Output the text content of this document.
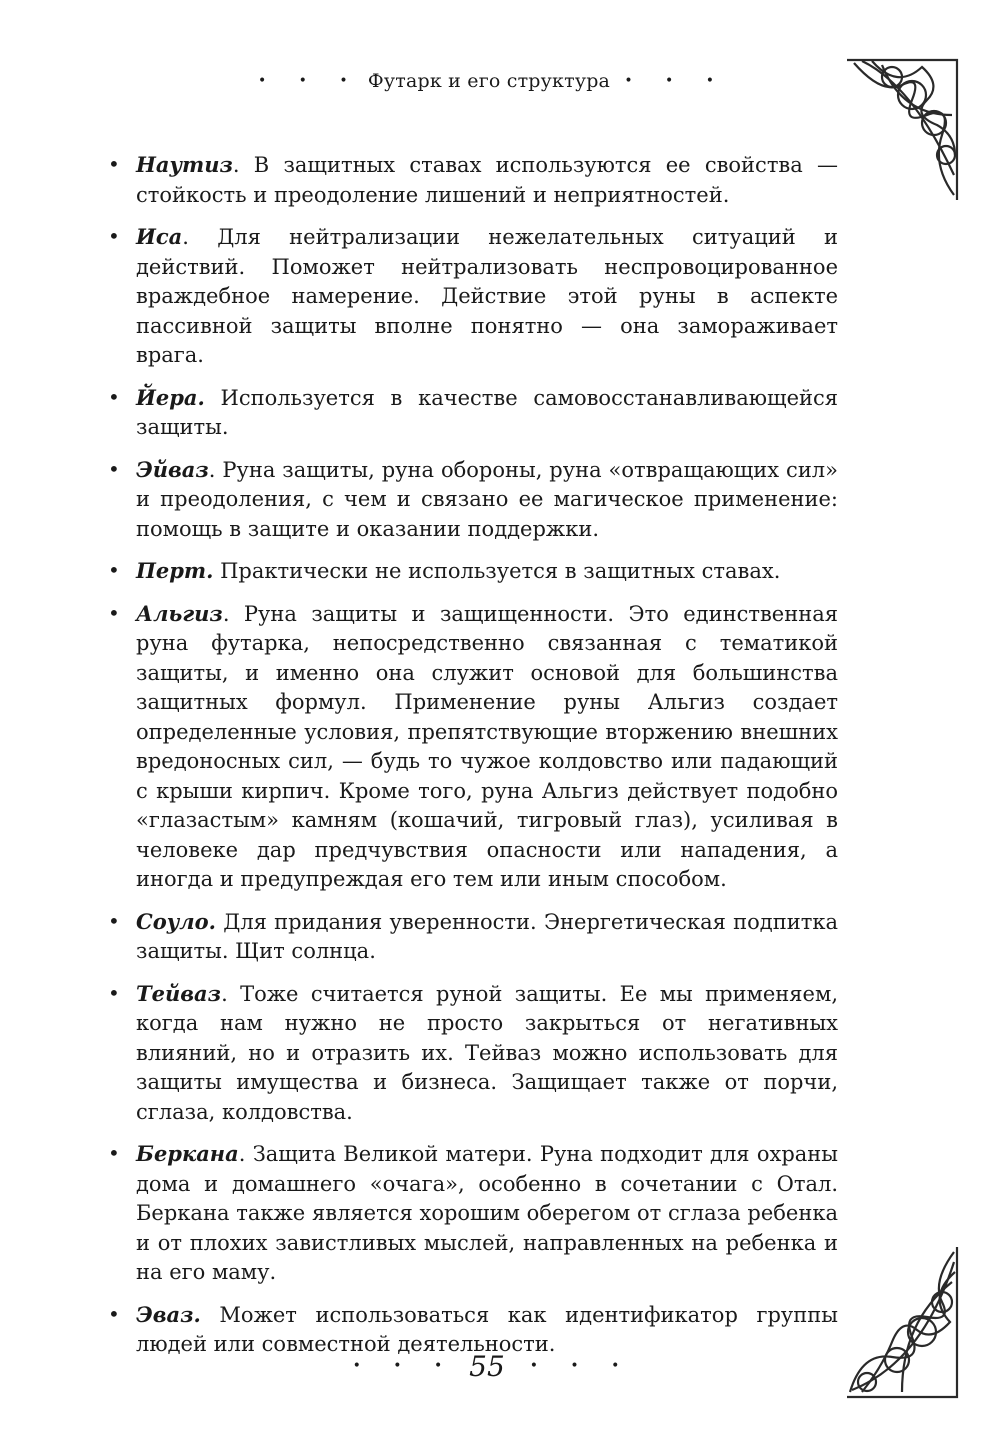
• • • Футарк и его структура • • •
• Наутиз. В защитных ставах используются ее свойства — стойкость и преодоление лишений и неприятностей.
• Иса. Для нейтрализации нежелательных ситуаций и действий. Поможет нейтрализовать неспровоцированное враждебное намерение. Действие этой руны в аспекте пассивной защиты вполне понятно — она замораживает врага.
• Йера. Используется в качестве самовосстанавливающейся защиты.
• Эйваз. Руна защиты, руна обороны, руна «отвращающих сил» и преодоления, с чем и связано ее магическое применение: помощь в защите и оказании поддержки.
• Перт. Практически не используется в защитных ставах.
• Альгиз. Руна защиты и защищенности. Это единственная руна футарка, непосредственно связанная с тематикой защиты, и именно она служит основой для большинства защитных формул. Применение руны Альгиз создает определенные условия, препятствующие вторжению внешних вредоносных сил, — будь то чужое колдовство или падающий с крыши кирпич. Кроме того, руна Альгиз действует подобно «глазастым» камням (кошачий, тигровый глаз), усиливая в человеке дар предчувствия опасности или нападения, а иногда и предупреждая его тем или иным способом.
• Соуло. Для придания уверенности. Энергетическая подпитка защиты. Щит солнца.
• Тейваз. Тоже считается руной защиты. Ее мы применяем, когда нам нужно не просто закрыться от негативных влияний, но и отразить их. Тейваз можно использовать для защиты имущества и бизнеса. Защищает также от порчи, сглаза, колдовства.
• Беркана. Защита Великой матери. Руна подходит для охраны дома и домашнего «очага», особенно в сочетании с Отал. Беркана также является хорошим оберегом от сглаза ребенка и от плохих завистливых мыслей, направленных на ребенка и на его маму.
• Эваз. Может использоваться как идентификатор группы людей или совместной деятельности.
• • • 55 • • •
